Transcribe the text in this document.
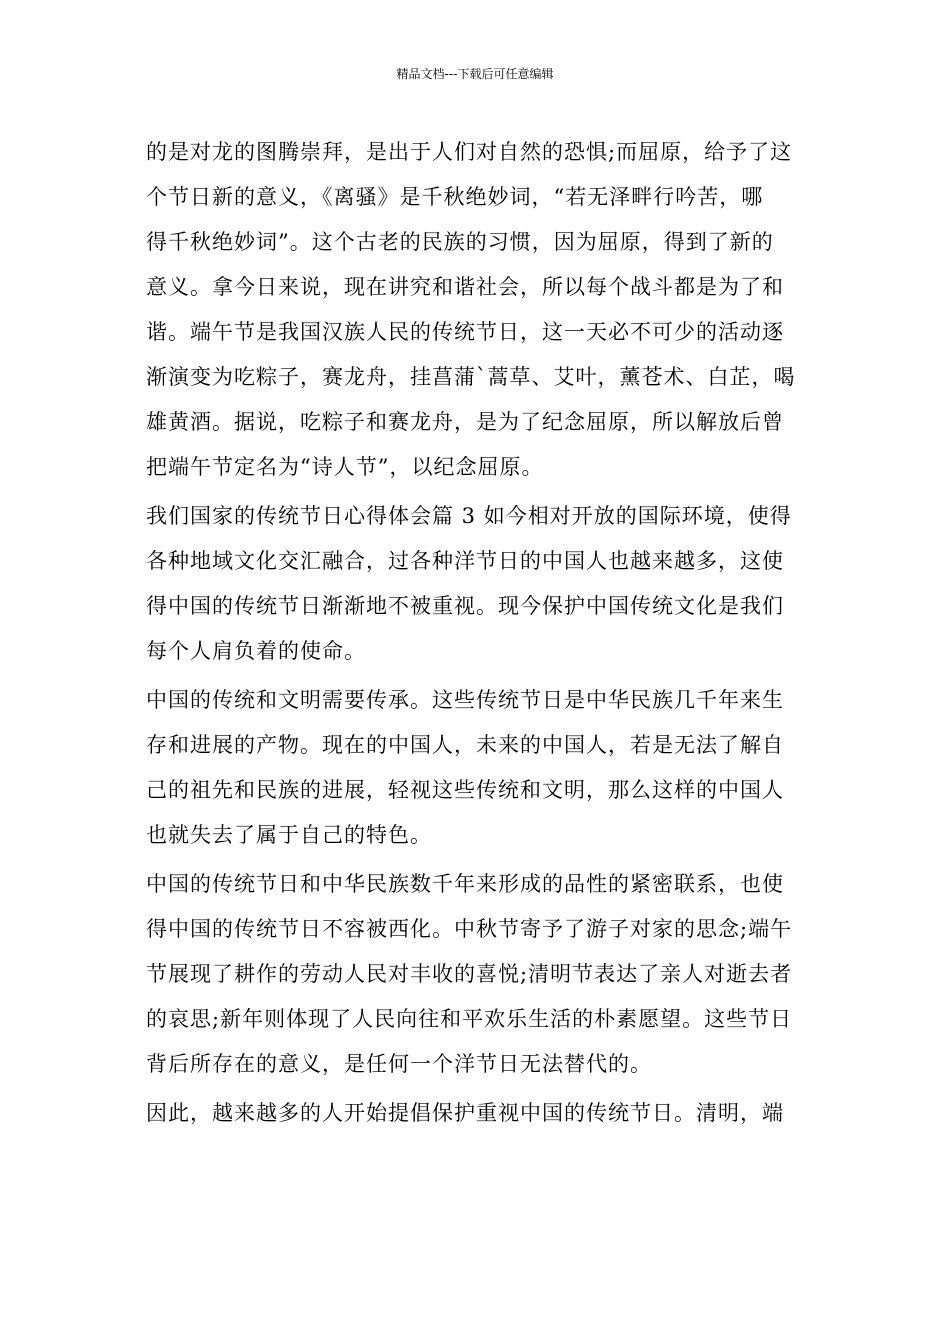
精品文档---下载后可任意编辑
的是对龙的图腾崇拜，是出于人们对自然的恐惧;而屈原，给予了这
个节日新的意义，《离骚》是千秋绝妙词，“若无泽畔行吟苦，哪
得千秋绝妙词”。这个古老的民族的习惯，因为屈原，得到了新的
意义。拿今日来说，现在讲究和谐社会，所以每个战斗都是为了和
谐。端午节是我国汉族人民的传统节日，这一天必不可少的活动逐
渐演变为吃粽子，赛龙舟，挂菖蒲`蒿草、艾叶，薰苍术、白芷，喝
雄黄酒。据说，吃粽子和赛龙舟，是为了纪念屈原，所以解放后曾
把端午节定名为“诗人节”，以纪念屈原。
我们国家的传统节日心得体会篇 3 如今相对开放的国际环境，使得
各种地域文化交汇融合，过各种洋节日的中国人也越来越多，这使
得中国的传统节日渐渐地不被重视。现今保护中国传统文化是我们
每个人肩负着的使命。
中国的传统和文明需要传承。这些传统节日是中华民族几千年来生
存和进展的产物。现在的中国人，未来的中国人，若是无法了解自
己的祖先和民族的进展，轻视这些传统和文明，那么这样的中国人
也就失去了属于自己的特色。
中国的传统节日和中华民族数千年来形成的品性的紧密联系，也使
得中国的传统节日不容被西化。中秋节寄予了游子对家的思念;端午
节展现了耕作的劳动人民对丰收的喜悦;清明节表达了亲人对逝去者
的哀思;新年则体现了人民向往和平欢乐生活的朴素愿望。这些节日
背后所存在的意义，是任何一个洋节日无法替代的。
因此，越来越多的人开始提倡保护重视中国的传统节日。清明，端
